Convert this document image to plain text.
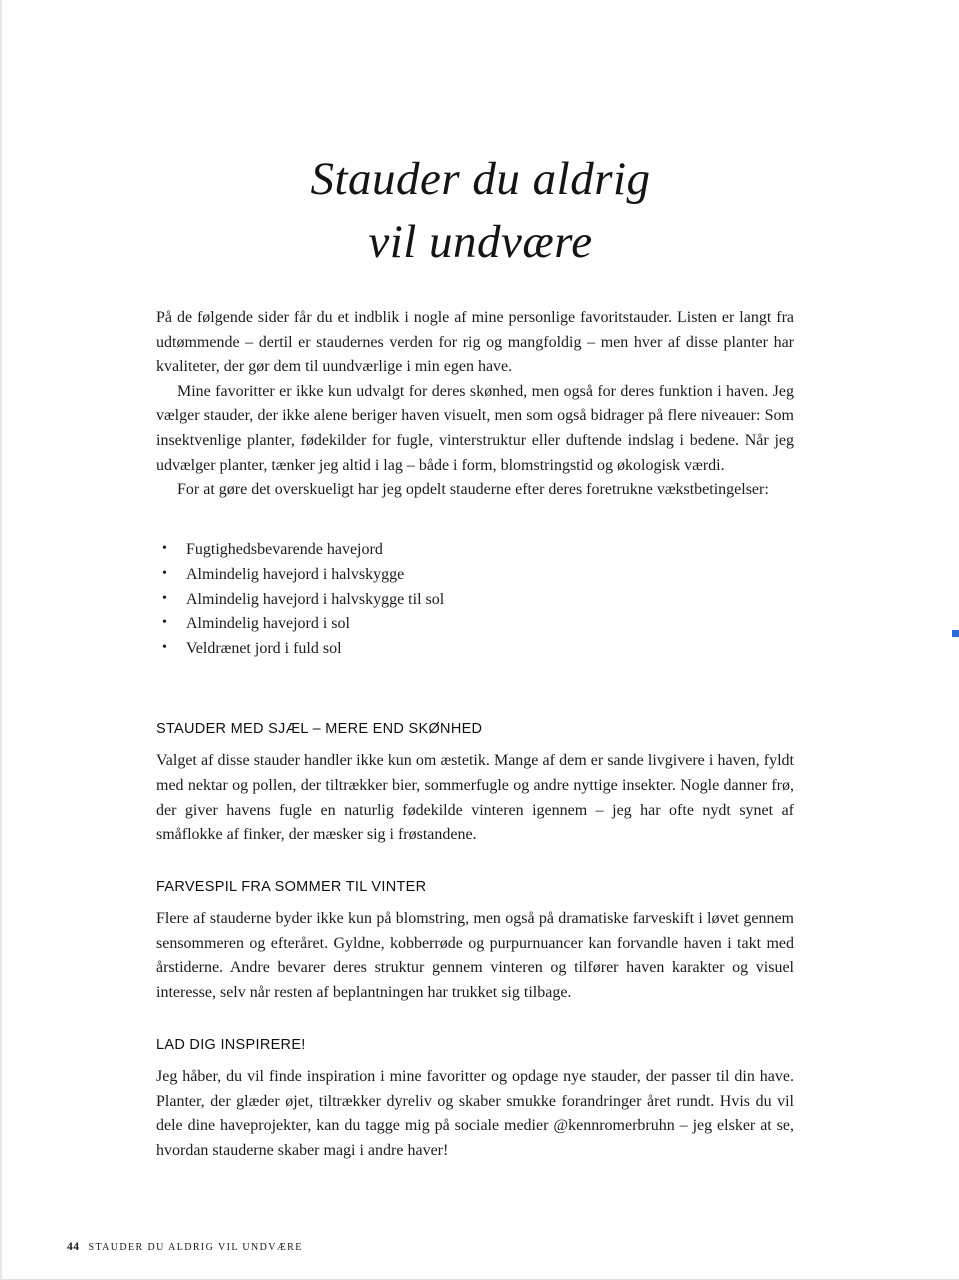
Stauder du aldrig
vil undvære

På de følgende sider får du et indblik i nogle af mine personlige favoritstauder. Listen er langt fra udtømmende – dertil er staudernes verden for rig og mangfoldig – men hver af disse planter har kvaliteter, der gør dem til uundværlige i min egen have.

Mine favoritter er ikke kun udvalgt for deres skønhed, men også for deres funktion i haven. Jeg vælger stauder, der ikke alene beriger haven visuelt, men som også bidrager på flere niveauer: Som insektvenlige planter, fødekilder for fugle, vinterstruktur eller duftende indslag i bedene. Når jeg udvælger planter, tænker jeg altid i lag – både i form, blomstringstid og økologisk værdi.

For at gøre det overskueligt har jeg opdelt stauderne efter deres foretrukne vækstbetingelser:

• Fugtighedsbevarende havejord
• Almindelig havejord i halvskygge
• Almindelig havejord i halvskygge til sol
• Almindelig havejord i sol
• Veldrænet jord i fuld sol
STAUDER MED SJÆL – MERE END SKØNHED

Valget af disse stauder handler ikke kun om æstetik. Mange af dem er sande livgivere i haven, fyldt med nektar og pollen, der tiltrækker bier, sommerfugle og andre nyttige insekter. Nogle danner frø, der giver havens fugle en naturlig fødekilde vinteren igennem – jeg har ofte nydt synet af småflokke af finker, der mæsker sig i frøstandene.

FARVESPIL FRA SOMMER TIL VINTER

Flere af stauderne byder ikke kun på blomstring, men også på dramatiske farveskift i løvet gennem sensommeren og efteråret. Gyldne, kobberrøde og purpurnuancer kan forvandle haven i takt med årstiderne. Andre bevarer deres struktur gennem vinteren og tilfører haven karakter og visuel interesse, selv når resten af beplantningen har trukket sig tilbage.

LAD DIG INSPIRERE!

Jeg håber, du vil finde inspiration i mine favoritter og opdage nye stauder, der passer til din have. Planter, der glæder øjet, tiltrækker dyreliv og skaber smukke forandringer året rundt. Hvis du vil dele dine haveprojekter, kan du tagge mig på sociale medier @kennromerbruhn – jeg elsker at se, hvordan stauderne skaber magi i andre haver!

44 STAUDER DU ALDRIG VIL UNDVÆRE
